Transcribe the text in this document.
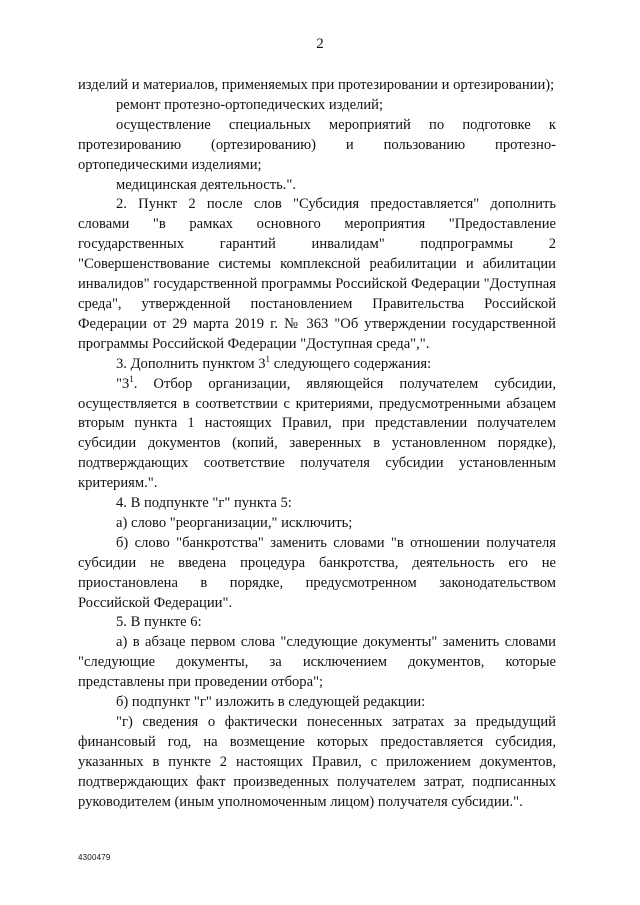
2

изделий и материалов, применяемых при протезировании и ортезировании);

ремонт протезно-ортопедических изделий;

осуществление специальных мероприятий по подготовке к протезированию (ортезированию) и пользованию протезно-ортопедическими изделиями;

медицинская деятельность.".

2. Пункт 2 после слов "Субсидия предоставляется" дополнить словами "в рамках основного мероприятия "Предоставление государственных гарантий инвалидам" подпрограммы 2 "Совершенствование системы комплексной реабилитации и абилитации инвалидов" государственной программы Российской Федерации "Доступная среда", утвержденной постановлением Правительства Российской Федерации от 29 марта 2019 г. № 363 "Об утверждении государственной программы Российской Федерации "Доступная среда",".

3. Дополнить пунктом $3^1$ следующего содержания:

"$3^1$. Отбор организации, являющейся получателем субсидии, осуществляется в соответствии с критериями, предусмотренными абзацем вторым пункта 1 настоящих Правил, при представлении получателем субсидии документов (копий, заверенных в установленном порядке), подтверждающих соответствие получателя субсидии установленным критериям.".

4. В подпункте "г" пункта 5:

а) слово "реорганизации," исключить;

б) слово "банкротства" заменить словами "в отношении получателя субсидии не введена процедура банкротства, деятельность его не приостановлена в порядке, предусмотренном законодательством Российской Федерации".

5. В пункте 6:

а) в абзаце первом слова "следующие документы" заменить словами "следующие документы, за исключением документов, которые представлены при проведении отбора";

б) подпункт "г" изложить в следующей редакции:

"г) сведения о фактически понесенных затратах за предыдущий финансовый год, на возмещение которых предоставляется субсидия, указанных в пункте 2 настоящих Правил, с приложением документов, подтверждающих факт произведенных получателем затрат, подписанных руководителем (иным уполномоченным лицом) получателя субсидии.".

4300479
